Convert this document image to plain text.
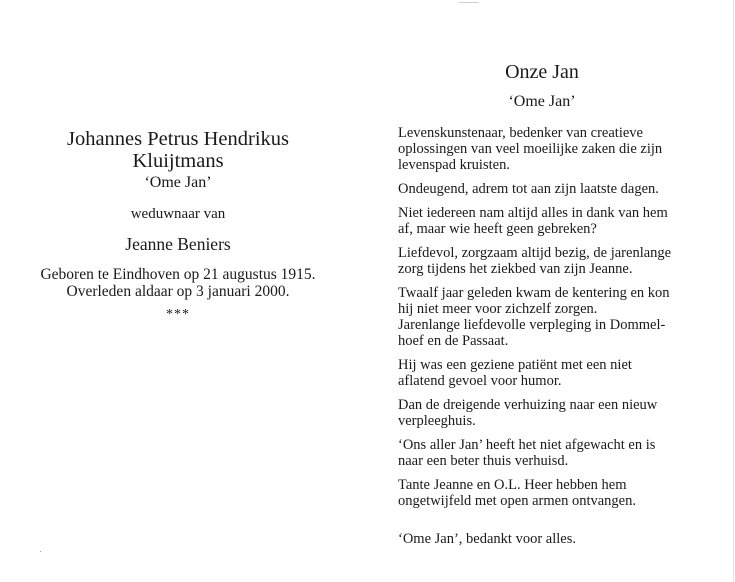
Johannes Petrus Hendrikus
Kluijtmans
‘Ome Jan’
weduwnaar van
Jeanne Beniers
Geboren te Eindhoven op 21 augustus 1915.
Overleden aldaar op 3 januari 2000.
***
Onze Jan
‘Ome Jan’
Levenskunstenaar, bedenker van creatieve
oplossingen van veel moeilijke zaken die zijn
levenspad kruisten.
Ondeugend, adrem tot aan zijn laatste dagen.
Niet iedereen nam altijd alles in dank van hem
af, maar wie heeft geen gebreken?
Liefdevol, zorgzaam altijd bezig, de jarenlange
zorg tijdens het ziekbed van zijn Jeanne.
Twaalf jaar geleden kwam de kentering en kon
hij niet meer voor zichzelf zorgen.
Jarenlange liefdevolle verpleging in Dommel-
hoef en de Passaat.
Hij was een geziene patiënt met een niet
aflatend gevoel voor humor.
Dan de dreigende verhuizing naar een nieuw
verpleeghuis.
‘Ons aller Jan’ heeft het niet afgewacht en is
naar een beter thuis verhuisd.
Tante Jeanne en O.L. Heer hebben hem
ongetwijfeld met open armen ontvangen.
‘Ome Jan’, bedankt voor alles.
